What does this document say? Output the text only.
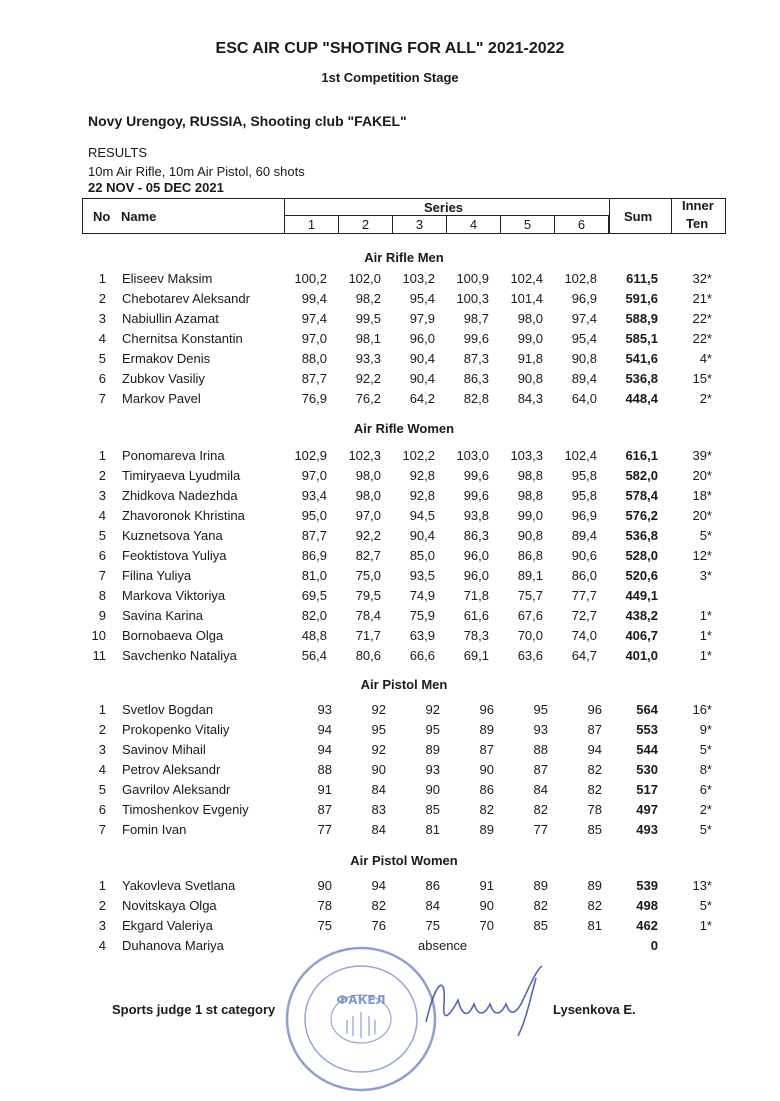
ESC AIR CUP "SHOTING FOR ALL" 2021-2022
1st Competition Stage
Novy Urengoy, RUSSIA, Shooting club "FAKEL"
RESULTS
10m Air Rifle, 10m Air Pistol, 60 shots
22 NOV - 05 DEC 2021
No Name
Series
1	2	3	4	5	6
Sum
Inner
Ten
Air Rifle Men
1 Eliseev Maksim	100,2	102,0	103,2	100,9	102,4	102,8	611,5	32*
2 Chebotarev Aleksandr	99,4	98,2	95,4	100,3	101,4	96,9	591,6	21*
3 Nabiullin Azamat	97,4	99,5	97,9	98,7	98,0	97,4	588,9	22*
4 Chernitsa Konstantin	97,0	98,1	96,0	99,6	99,0	95,4	585,1	22*
5 Ermakov Denis	88,0	93,3	90,4	87,3	91,8	90,8	541,6	4*
6 Zubkov Vasiliy	87,7	92,2	90,4	86,3	90,8	89,4	536,8	15*
7 Markov Pavel	76,9	76,2	64,2	82,8	84,3	64,0	448,4	2*
Air Rifle Women
1 Ponomareva Irina	102,9	102,3	102,2	103,0	103,3	102,4	616,1	39*
2 Timiryaeva Lyudmila	97,0	98,0	92,8	99,6	98,8	95,8	582,0	20*
3 Zhidkova Nadezhda	93,4	98,0	92,8	99,6	98,8	95,8	578,4	18*
4 Zhavoronok Khristina	95,0	97,0	94,5	93,8	99,0	96,9	576,2	20*
5 Kuznetsova Yana	87,7	92,2	90,4	86,3	90,8	89,4	536,8	5*
6 Feoktistova Yuliya	86,9	82,7	85,0	96,0	86,8	90,6	528,0	12*
7 Filina Yuliya	81,0	75,0	93,5	96,0	89,1	86,0	520,6	3*
8 Markova Viktoriya	69,5	79,5	74,9	71,8	75,7	77,7	449,1
9 Savina Karina	82,0	78,4	75,9	61,6	67,6	72,7	438,2	1*
10 Bornobaeva Olga	48,8	71,7	63,9	78,3	70,0	74,0	406,7	1*
11 Savchenko Nataliya	56,4	80,6	66,6	69,1	63,6	64,7	401,0	1*
Air Pistol Men
1 Svetlov Bogdan	93	92	92	96	95	96	564	16*
2 Prokopenko Vitaliy	94	95	95	89	93	87	553	9*
3 Savinov Mihail	94	92	89	87	88	94	544	5*
4 Petrov Aleksandr	88	90	93	90	87	82	530	8*
5 Gavrilov Aleksandr	91	84	90	86	84	82	517	6*
6 Timoshenkov Evgeniy	87	83	85	82	82	78	497	2*
7 Fomin Ivan	77	84	81	89	77	85	493	5*
Air Pistol Women
1 Yakovleva Svetlana	90	94	86	91	89	89	539	13*
2 Novitskaya Olga	78	82	84	90	82	82	498	5*
3 Ekgard Valeriya	75	76	75	70	85	81	462	1*
4 Duhanova Mariya	absence	0
ФАКЕЛ
Sports judge 1 st category	Lysenkova E.
